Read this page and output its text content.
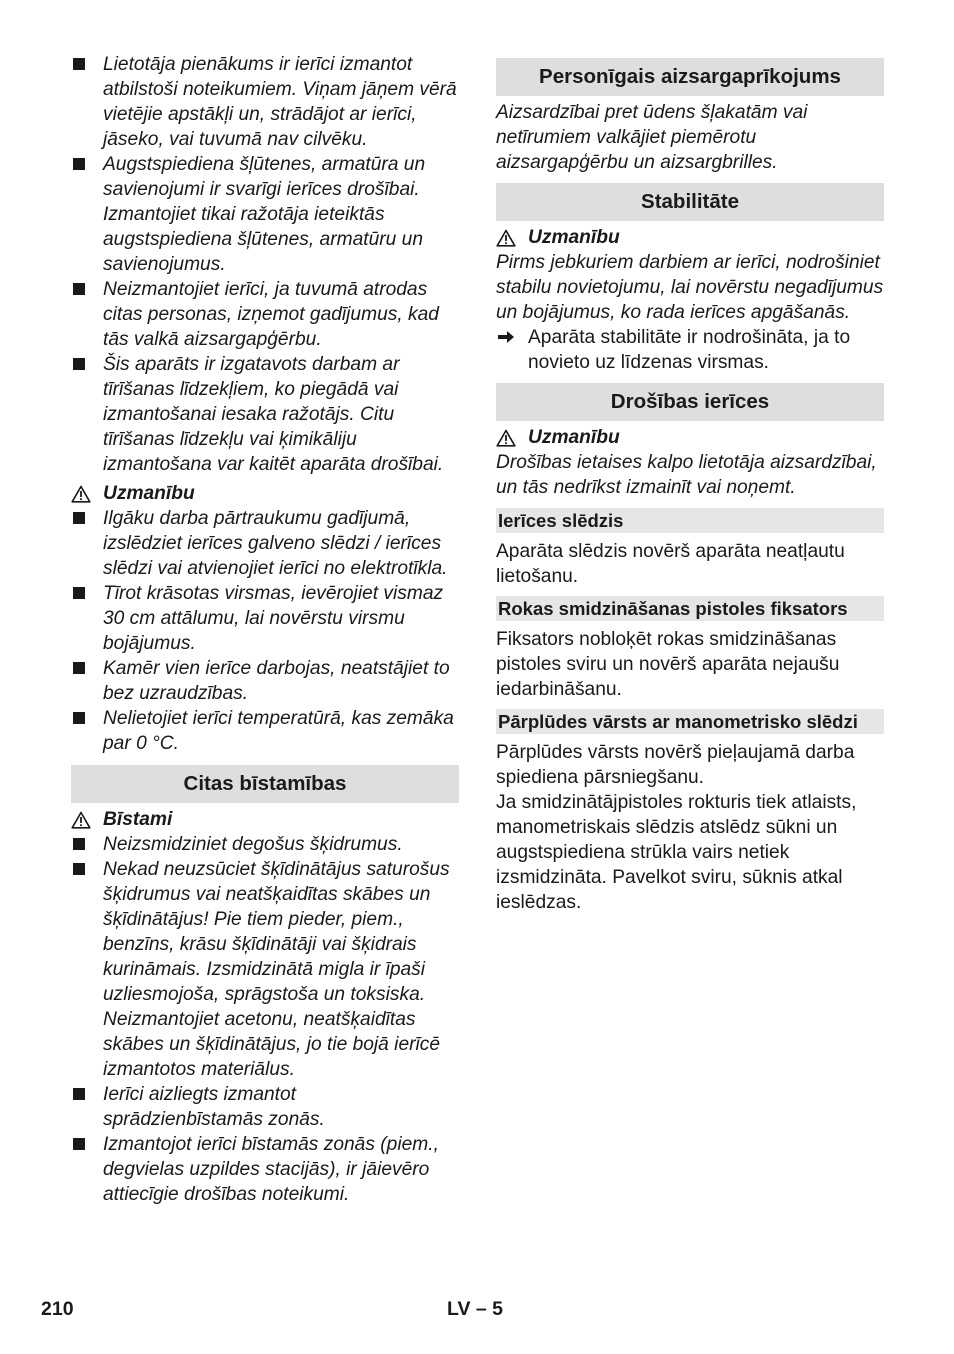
Lietotāja pienākums ir ierīci izmantot atbilstoši noteikumiem. Viņam jāņem vērā vietējie apstākļi un, strādājot ar ierīci, jāseko, vai tuvumā nav cilvēku.
Augstspiediena šļūtenes, armatūra un savienojumi ir svarīgi ierīces drošībai. Izmantojiet tikai ražotāja ieteiktās augstspiediena šļūtenes, armatūru un savienojumus.
Neizmantojiet ierīci, ja tuvumā atrodas citas personas, izņemot gadījumus, kad tās valkā aizsargapģērbu.
Šis aparāts ir izgatavots darbam ar tīrīšanas līdzekļiem, ko piegādā vai izmantošanai iesaka ražotājs. Citu tīrīšanas līdzekļu vai ķimikāliju izmantošana var kaitēt aparāta drošībai.
Uzmanību
Ilgāku darba pārtraukumu gadījumā, izslēdziet ierīces galveno slēdzi / ierīces slēdzi vai atvienojiet ierīci no elektrotīkla.
Tīrot krāsotas virsmas, ievērojiet vismaz 30 cm attālumu, lai novērstu virsmu bojājumus.
Kamēr vien ierīce darbojas, neatstājiet to bez uzraudzības.
Nelietojiet ierīci temperatūrā, kas zemāka par 0 °C.
Citas bīstamības
Bīstami
Neizsmidziniet degošus šķidrumus.
Nekad neuzsūciet šķīdinātājus saturošus šķidrumus vai neatšķaidītas skābes un šķīdinātājus! Pie tiem pieder, piem., benzīns, krāsu šķīdinātāji vai šķidrais kurināmais. Izsmidzinātā migla ir īpaši uzliesmojoša, sprāgstoša un toksiska. Neizmantojiet acetonu, neatšķaidītas skābes un šķīdinātājus, jo tie bojā ierīcē izmantotos materiālus.
Ierīci aizliegts izmantot sprādzienbīstamās zonās.
Izmantojot ierīci bīstamās zonās (piem., degvielas uzpildes stacijās), ir jāievēro attiecīgie drošības noteikumi.
Personīgais aizsargaprīkojums

Aizsardzībai pret ūdens šļakatām vai netīrumiem valkājiet piemērotu aizsargapģērbu un aizsargbrilles.

Stabilitāte
Uzmanību

Pirms jebkuriem darbiem ar ierīci, nodrošiniet stabilu novietojumu, lai novērstu negadījumus un bojājumus, ko rada ierīces apgāšanās.

Aparāta stabilitāte ir nodrošināta, ja to novieto uz līdzenas virsmas.
Drošības ierīces
Uzmanību

Drošības ietaises kalpo lietotāja aizsardzībai, un tās nedrīkst izmainīt vai noņemt.

Ierīces slēdzis

Aparāta slēdzis novērš aparāta neatļautu lietošanu.

Rokas smidzināšanas pistoles fiksators

Fiksators nobloķēt rokas smidzināšanas pistoles sviru un novērš aparāta nejaušu iedarbināšanu.

Pārplūdes vārsts ar manometrisko slēdzi

Pārplūdes vārsts novērš pieļaujamā darba spiediena pārsniegšanu.

Ja smidzinātājpistoles rokturis tiek atlaists, manometriskais slēdzis atslēdz sūkni un augstspiediena strūkla vairs netiek izsmidzināta. Pavelkot sviru, sūknis atkal ieslēdzas.

210	LV – 5
